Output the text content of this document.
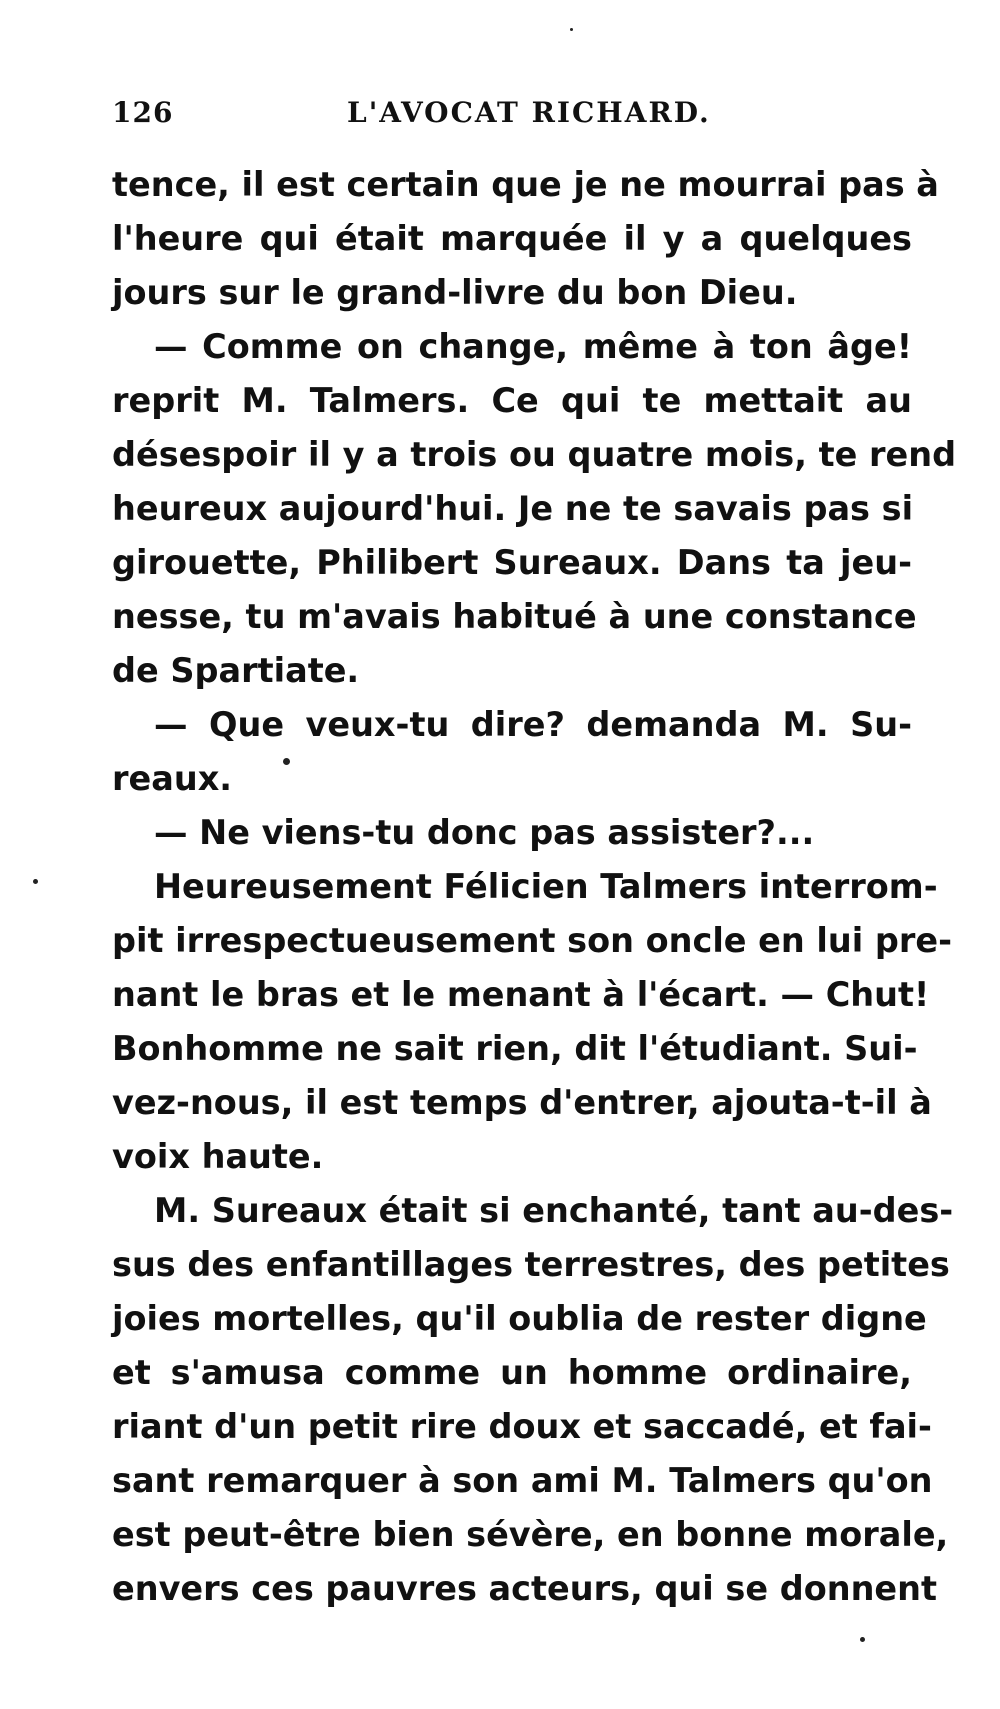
126	L'AVOCAT RICHARD.
tence, il est certain que je ne mourrai pas à
l'heure qui était marquée il y a quelques
jours sur le grand-livre du bon Dieu.
— Comme on change, même à ton âge!
reprit M. Talmers. Ce qui te mettait au
désespoir il y a trois ou quatre mois, te rend
heureux aujourd'hui. Je ne te savais pas si
girouette, Philibert Sureaux. Dans ta jeu-
nesse, tu m'avais habitué à une constance
de Spartiate.
— Que veux-tu dire? demanda M. Su-
reaux.
— Ne viens-tu donc pas assister?...
Heureusement Félicien Talmers interrom-
pit irrespectueusement son oncle en lui pre-
nant le bras et le menant à l'écart. — Chut!
Bonhomme ne sait rien, dit l'étudiant. Sui-
vez-nous, il est temps d'entrer, ajouta-t-il à
voix haute.
M. Sureaux était si enchanté, tant au-des-
sus des enfantillages terrestres, des petites
joies mortelles, qu'il oublia de rester digne
et s'amusa comme un homme ordinaire,
riant d'un petit rire doux et saccadé, et fai-
sant remarquer à son ami M. Talmers qu'on
est peut-être bien sévère, en bonne morale,
envers ces pauvres acteurs, qui se donnent
